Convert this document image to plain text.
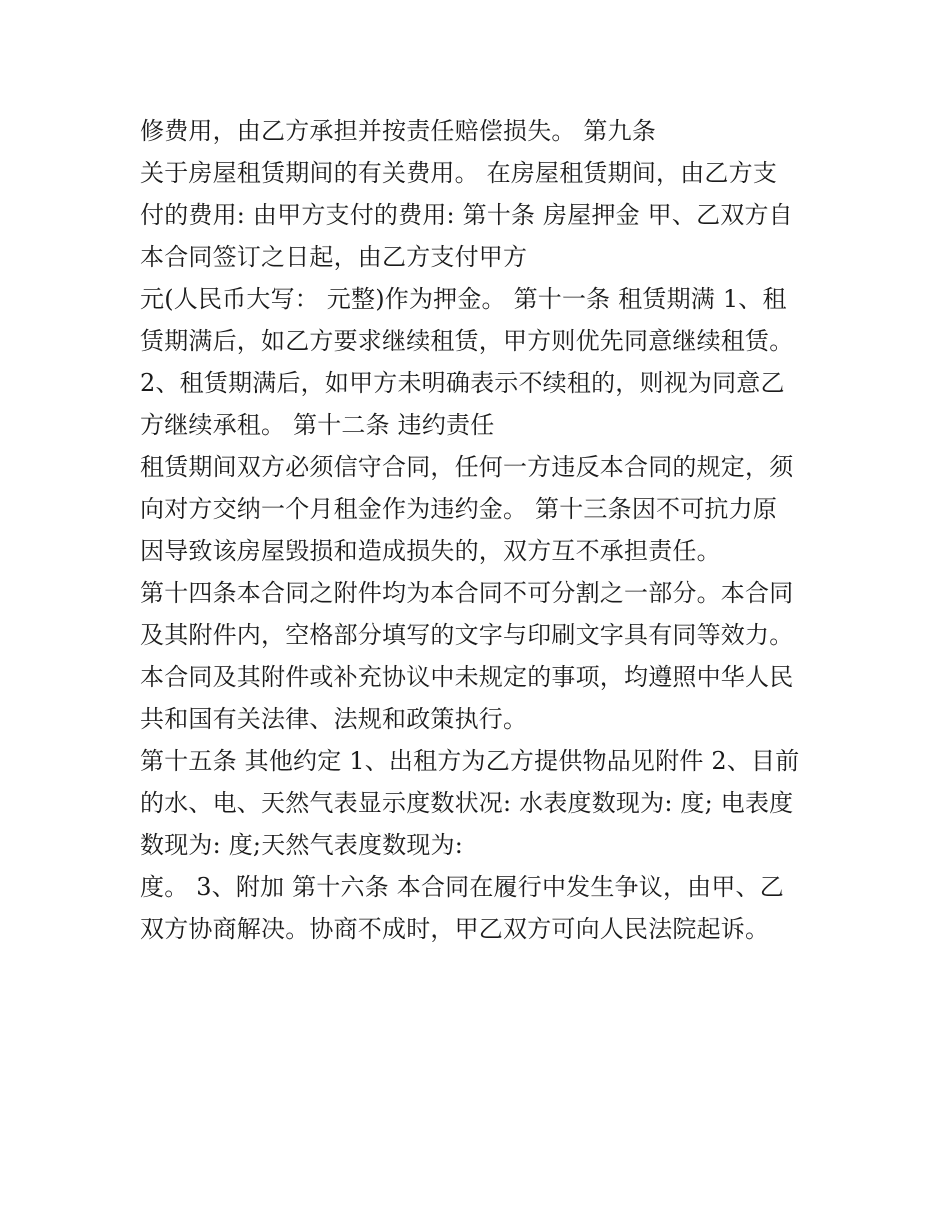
修费用，由乙方承担并按责任赔偿损失。 第九条
关于房屋租赁期间的有关费用。 在房屋租赁期间，由乙方支
付的费用: 由甲方支付的费用: 第十条 房屋押金 甲、乙双方自
本合同签订之日起，由乙方支付甲方
元(人民币大写： 元整)作为押金。 第十一条 租赁期满 1、租
赁期满后，如乙方要求继续租赁，甲方则优先同意继续租赁。
2、租赁期满后，如甲方未明确表示不续租的，则视为同意乙
方继续承租。 第十二条 违约责任
租赁期间双方必须信守合同，任何一方违反本合同的规定，须
向对方交纳一个月租金作为违约金。 第十三条因不可抗力原
因导致该房屋毁损和造成损失的，双方互不承担责任。
第十四条本合同之附件均为本合同不可分割之一部分。本合同
及其附件内，空格部分填写的文字与印刷文字具有同等效力。
本合同及其附件或补充协议中未规定的事项，均遵照中华人民
共和国有关法律、法规和政策执行。
第十五条 其他约定 1、出租方为乙方提供物品见附件 2、目前
的水、电、天然气表显示度数状况: 水表度数现为: 度; 电表度
数现为: 度;天然气表度数现为:
度。 3、附加 第十六条 本合同在履行中发生争议，由甲、乙
双方协商解决。协商不成时，甲乙双方可向人民法院起诉。
